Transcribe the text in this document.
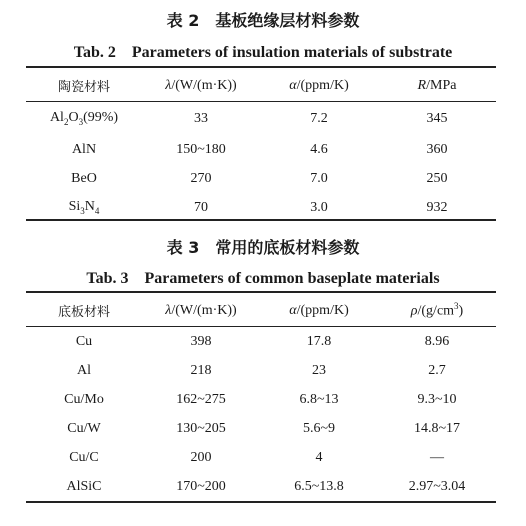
表 2　基板绝缘层材料参数
Tab. 2　Parameters of insulation materials of substrate
陶瓷材料	λ/(W/(m·K))	α/(ppm/K)	R/MPa
$Al_2O_3(99\%)$	33	7.2	345
AlN	150~180	4.6	360
BeO	270	7.0	250
$Si_3N_4$	70	3.0	932
表 3　常用的底板材料参数
Tab. 3　Parameters of common baseplate materials
底板材料	λ/(W/(m·K))	α/(ppm/K)	$\rho/(g/cm^3)$
Cu	398	17.8	8.96
Al	218	23	2.7
Cu/Mo	162~275	6.8~13	9.3~10
Cu/W	130~205	5.6~9	14.8~17
Cu/C	200	4	—
AlSiC	170~200	6.5~13.8	2.97~3.04
